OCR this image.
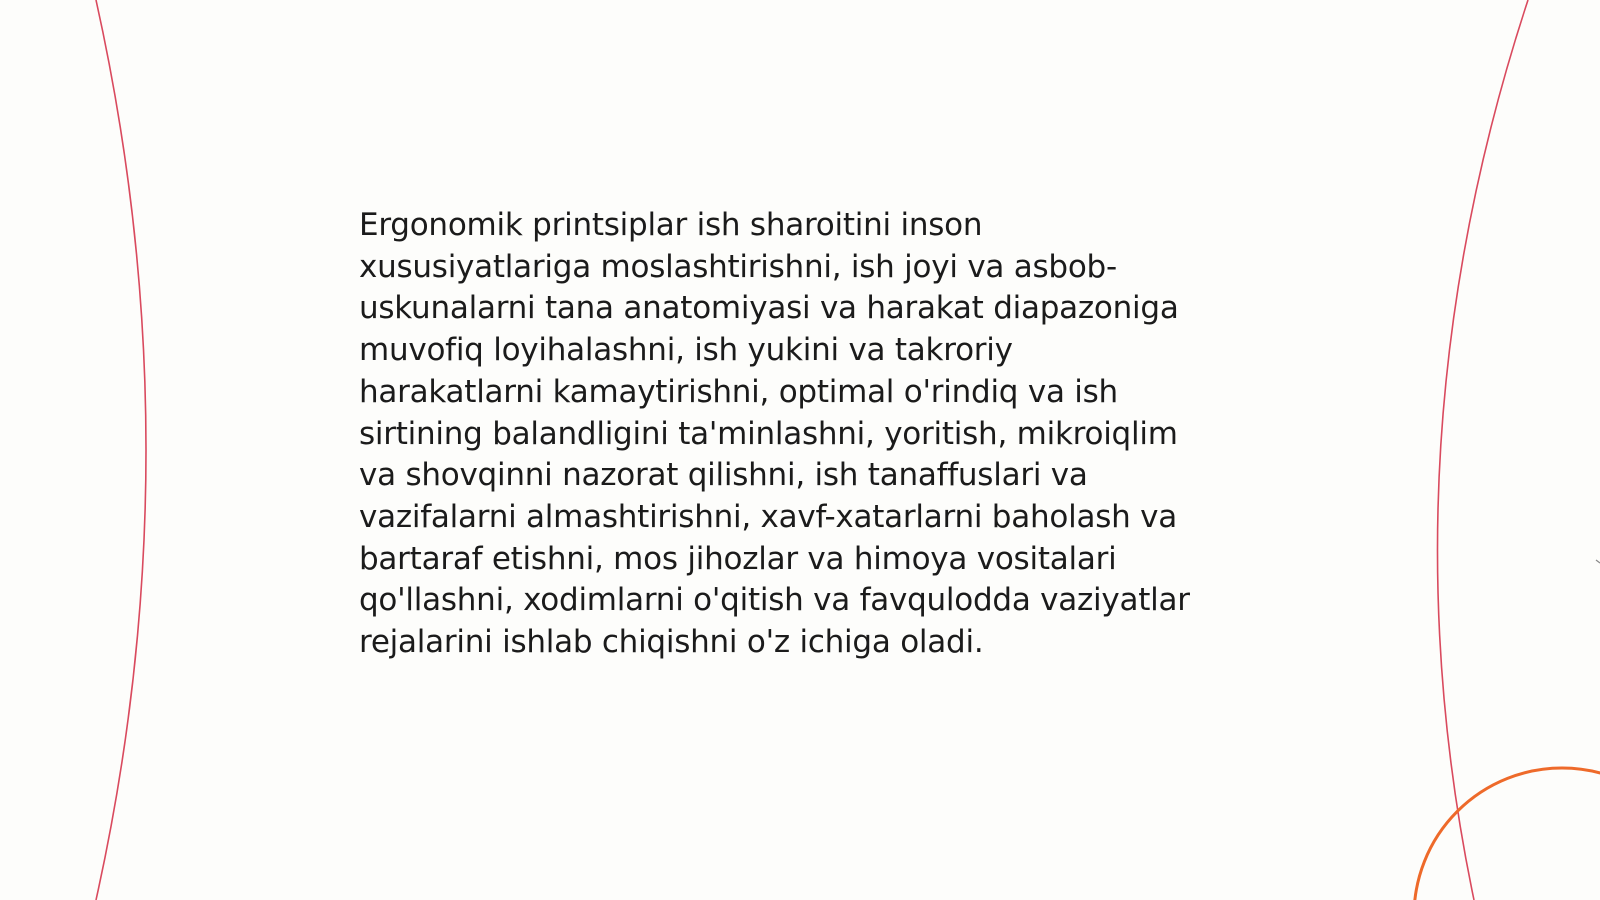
Ergonomik printsiplar ish sharoitini inson
xususiyatlariga moslashtirishni, ish joyi va asbob-
uskunalarni tana anatomiyasi va harakat diapazoniga
muvofiq loyihalashni, ish yukini va takroriy
harakatlarni kamaytirishni, optimal o'rindiq va ish
sirtining balandligini ta'minlashni, yoritish, mikroiqlim
va shovqinni nazorat qilishni, ish tanaffuslari va
vazifalarni almashtirishni, xavf-xatarlarni baholash va
bartaraf etishni, mos jihozlar va himoya vositalari
qo'llashni, xodimlarni o'qitish va favqulodda vaziyatlar
rejalarini ishlab chiqishni o'z ichiga oladi.
